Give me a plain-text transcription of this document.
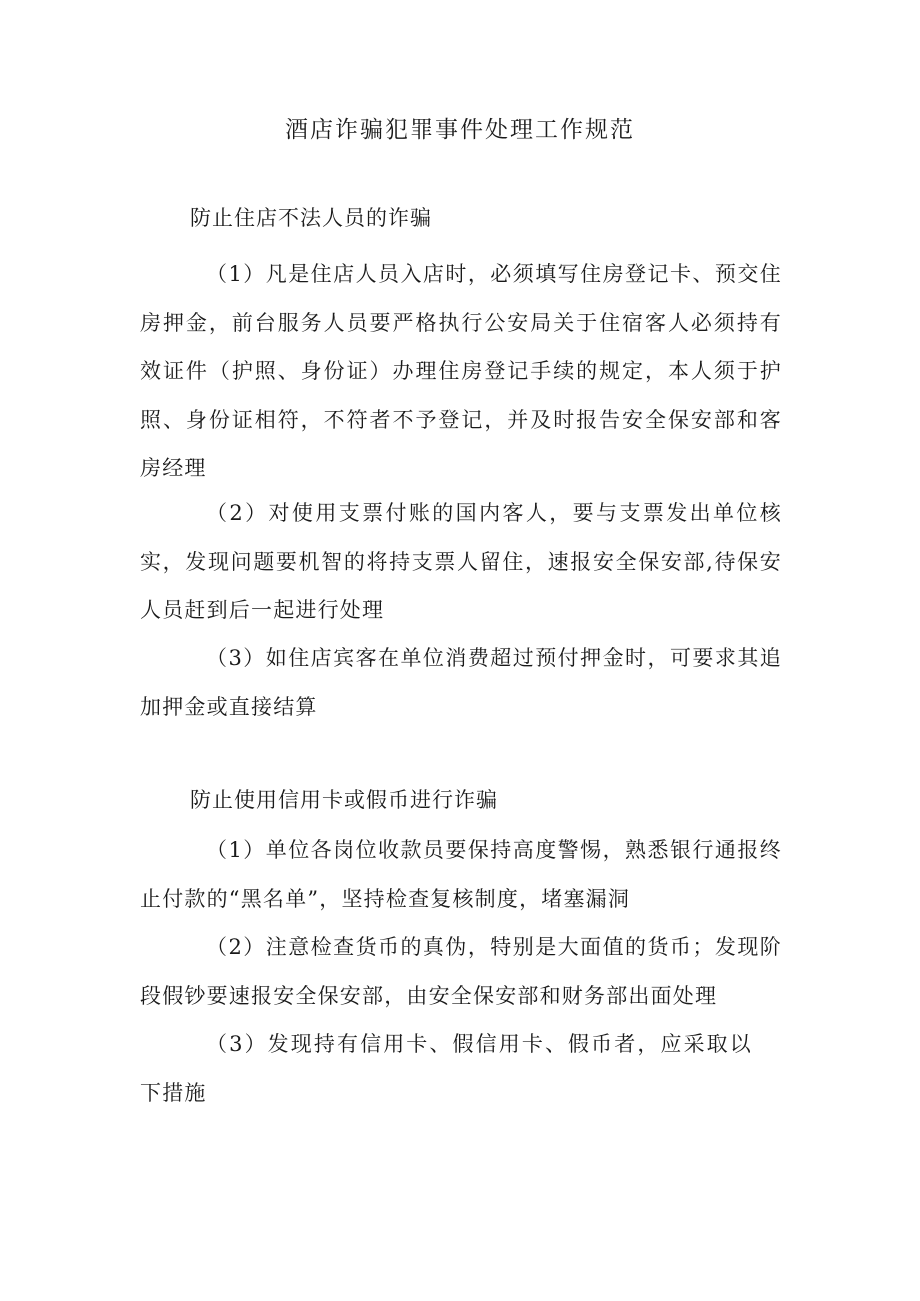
酒店诈骗犯罪事件处理工作规范
防止住店不法人员的诈骗

（1）凡是住店人员入店时，必须填写住房登记卡、预交住房押金，前台服务人员要严格执行公安局关于住宿客人必须持有效证件（护照、身份证）办理住房登记手续的规定，本人须于护照、身份证相符，不符者不予登记，并及时报告安全保安部和客房经理

（2）对使用支票付账的国内客人，要与支票发出单位核实，发现问题要机智的将持支票人留住，速报安全保安部,待保安人员赶到后一起进行处理

（3）如住店宾客在单位消费超过预付押金时，可要求其追加押金或直接结算

防止使用信用卡或假币进行诈骗

（1）单位各岗位收款员要保持高度警惕，熟悉银行通报终止付款的“黑名单”，坚持检查复核制度，堵塞漏洞

（2）注意检查货币的真伪，特别是大面值的货币；发现阶段假钞要速报安全保安部，由安全保安部和财务部出面处理

（3）发现持有信用卡、假信用卡、假币者，应采取以下措施
